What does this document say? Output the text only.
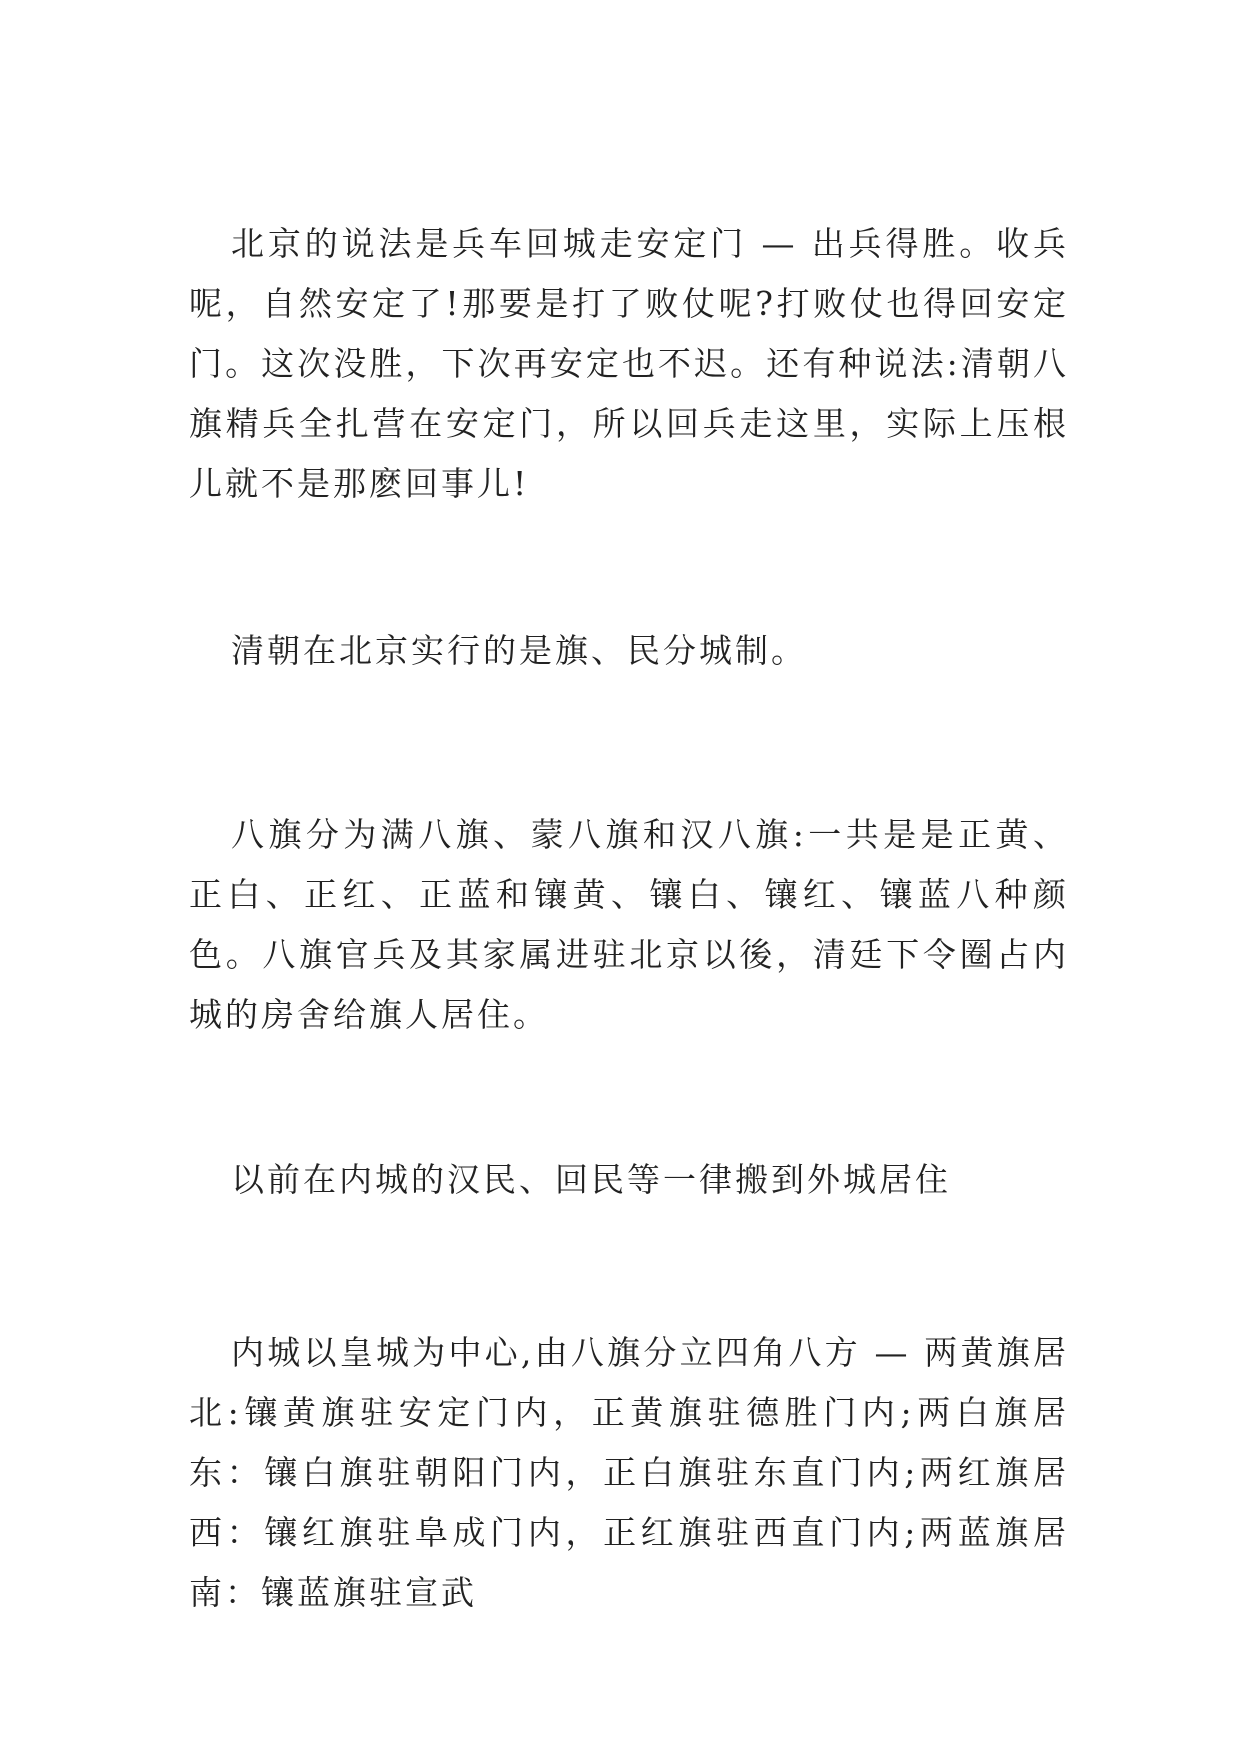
北京的说法是兵车回城走安定门 — 出兵得胜。收兵呢，自然安定了!那要是打了败仗呢?打败仗也得回安定门。这次没胜，下次再安定也不迟。还有种说法:清朝八旗精兵全扎营在安定门，所以回兵走这里，实际上压根儿就不是那麽回事儿!

清朝在北京实行的是旗、民分城制。

八旗分为满八旗、蒙八旗和汉八旗:一共是是正黄、正白、正红、正蓝和镶黄、镶白、镶红、镶蓝八种颜色。八旗官兵及其家属进驻北京以後，清廷下令圈占内城的房舍给旗人居住。

以前在内城的汉民、回民等一律搬到外城居住

内城以皇城为中心,由八旗分立四角八方 — 两黄旗居北:镶黄旗驻安定门内，正黄旗驻德胜门内;两白旗居东：镶白旗驻朝阳门内，正白旗驻东直门内;两红旗居西：镶红旗驻阜成门内，正红旗驻西直门内;两蓝旗居南：镶蓝旗驻宣武
